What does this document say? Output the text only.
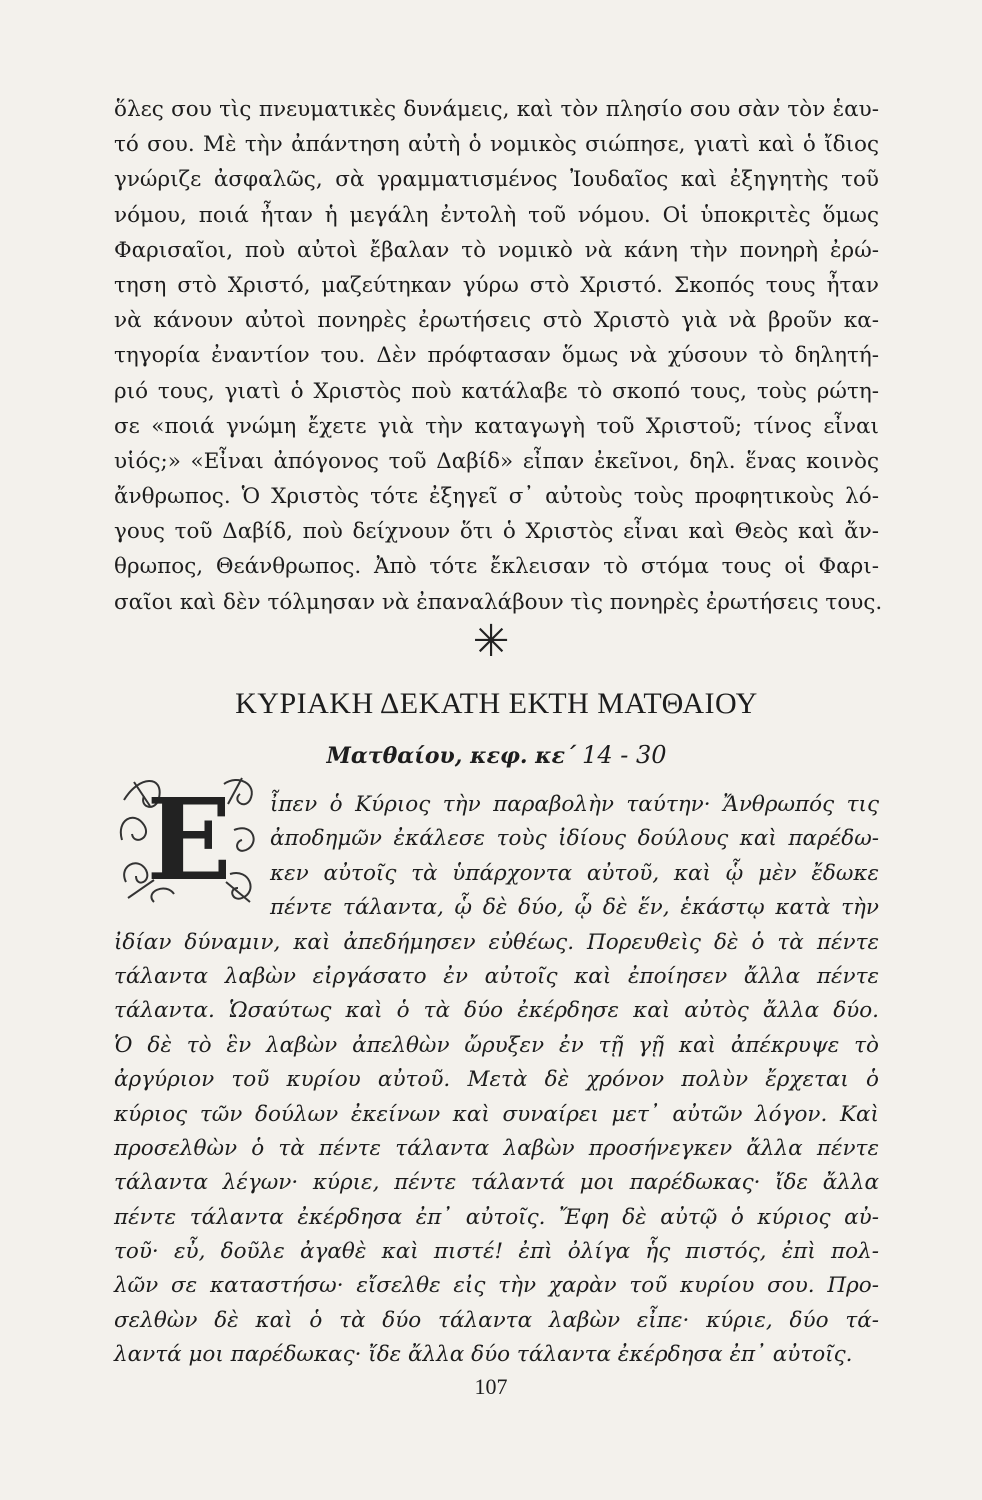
ὅλες σου τὶς πνευματικὲς δυνάμεις, καὶ τὸν πλησίο σου σὰν τὸν ἑαυ-
τό σου. Μὲ τὴν ἀπάντηση αὐτὴ ὁ νομικὸς σιώπησε, γιατὶ καὶ ὁ ἴδιος
γνώριζε ἀσφαλῶς, σὰ γραμματισμένος Ἰουδαῖος καὶ ἐξηγητὴς τοῦ
νόμου, ποιά ἦταν ἡ μεγάλη ἐντολὴ τοῦ νόμου. Οἱ ὑποκριτὲς ὅμως
Φαρισαῖοι, ποὺ αὐτοὶ ἔβαλαν τὸ νομικὸ νὰ κάνη τὴν πονηρὴ ἐρώ-
τηση στὸ Χριστό, μαζεύτηκαν γύρω στὸ Χριστό. Σκοπός τους ἦταν
νὰ κάνουν αὐτοὶ πονηρὲς ἐρωτήσεις στὸ Χριστὸ γιὰ νὰ βροῦν κα-
τηγορία ἐναντίον του. Δὲν πρόφτασαν ὅμως νὰ χύσουν τὸ δηλητή-
ριό τους, γιατὶ ὁ Χριστὸς ποὺ κατάλαβε τὸ σκοπό τους, τοὺς ρώτη-
σε «ποιά γνώμη ἔχετε γιὰ τὴν καταγωγὴ τοῦ Χριστοῦ; τίνος εἶναι
υἱός;» «Εἶναι ἀπόγονος τοῦ Δαβίδ» εἶπαν ἐκεῖνοι, δηλ. ἕνας κοινὸς
ἄνθρωπος. Ὁ Χριστὸς τότε ἐξηγεῖ σ᾽ αὐτοὺς τοὺς προφητικοὺς λό-
γους τοῦ Δαβίδ, ποὺ δείχνουν ὅτι ὁ Χριστὸς εἶναι καὶ Θεὸς καὶ ἄν-
θρωπος, Θεάνθρωπος. Ἀπὸ τότε ἔκλεισαν τὸ στόμα τους οἱ Φαρι-
σαῖοι καὶ δὲν τόλμησαν νὰ ἐπαναλάβουν τὶς πονηρὲς ἐρωτήσεις τους.
✳
ΚΥΡΙΑΚΗ ΔΕΚΑΤΗ ΕΚΤΗ ΜΑΤΘΑΙΟΥ
Ματθαίου, κεφ. κε΄ 14 - 30
Ε	ἶπεν ὁ Κύριος τὴν παραβολὴν ταύτην· Ἄνθρωπός τις
ἀποδημῶν ἐκάλεσε τοὺς ἰδίους δούλους καὶ παρέδω-
κεν αὐτοῖς τὰ ὑπάρχοντα αὐτοῦ, καὶ ᾧ μὲν ἔδωκε
πέντε τάλαντα, ᾧ δὲ δύο, ᾧ δὲ ἕν, ἑκάστῳ κατὰ τὴν
ἰδίαν δύναμιν, καὶ ἀπεδήμησεν εὐθέως. Πορευθεὶς δὲ ὁ τὰ πέντε
τάλαντα λαβὼν εἰργάσατο ἐν αὐτοῖς καὶ ἐποίησεν ἄλλα πέντε
τάλαντα. Ὡσαύτως καὶ ὁ τὰ δύο ἐκέρδησε καὶ αὐτὸς ἄλλα δύο.
Ὁ δὲ τὸ ἓν λαβὼν ἀπελθὼν ὤρυξεν ἐν τῇ γῇ καὶ ἀπέκρυψε τὸ
ἀργύριον τοῦ κυρίου αὐτοῦ. Μετὰ δὲ χρόνον πολὺν ἔρχεται ὁ
κύριος τῶν δούλων ἐκείνων καὶ συναίρει μετ᾽ αὐτῶν λόγον. Καὶ
προσελθὼν ὁ τὰ πέντε τάλαντα λαβὼν προσήνεγκεν ἄλλα πέντε
τάλαντα λέγων· κύριε, πέντε τάλαντά μοι παρέδωκας· ἴδε ἄλλα
πέντε τάλαντα ἐκέρδησα ἐπ᾽ αὐτοῖς. Ἔφη δὲ αὐτῷ ὁ κύριος αὐ-
τοῦ· εὖ, δοῦλε ἀγαθὲ καὶ πιστέ! ἐπὶ ὀλίγα ἧς πιστός, ἐπὶ πολ-
λῶν σε καταστήσω· εἴσελθε εἰς τὴν χαρὰν τοῦ κυρίου σου. Προ-
σελθὼν δὲ καὶ ὁ τὰ δύο τάλαντα λαβὼν εἶπε· κύριε, δύο τά-
λαντά μοι παρέδωκας· ἴδε ἄλλα δύο τάλαντα ἐκέρδησα ἐπ᾽ αὐτοῖς.
107
